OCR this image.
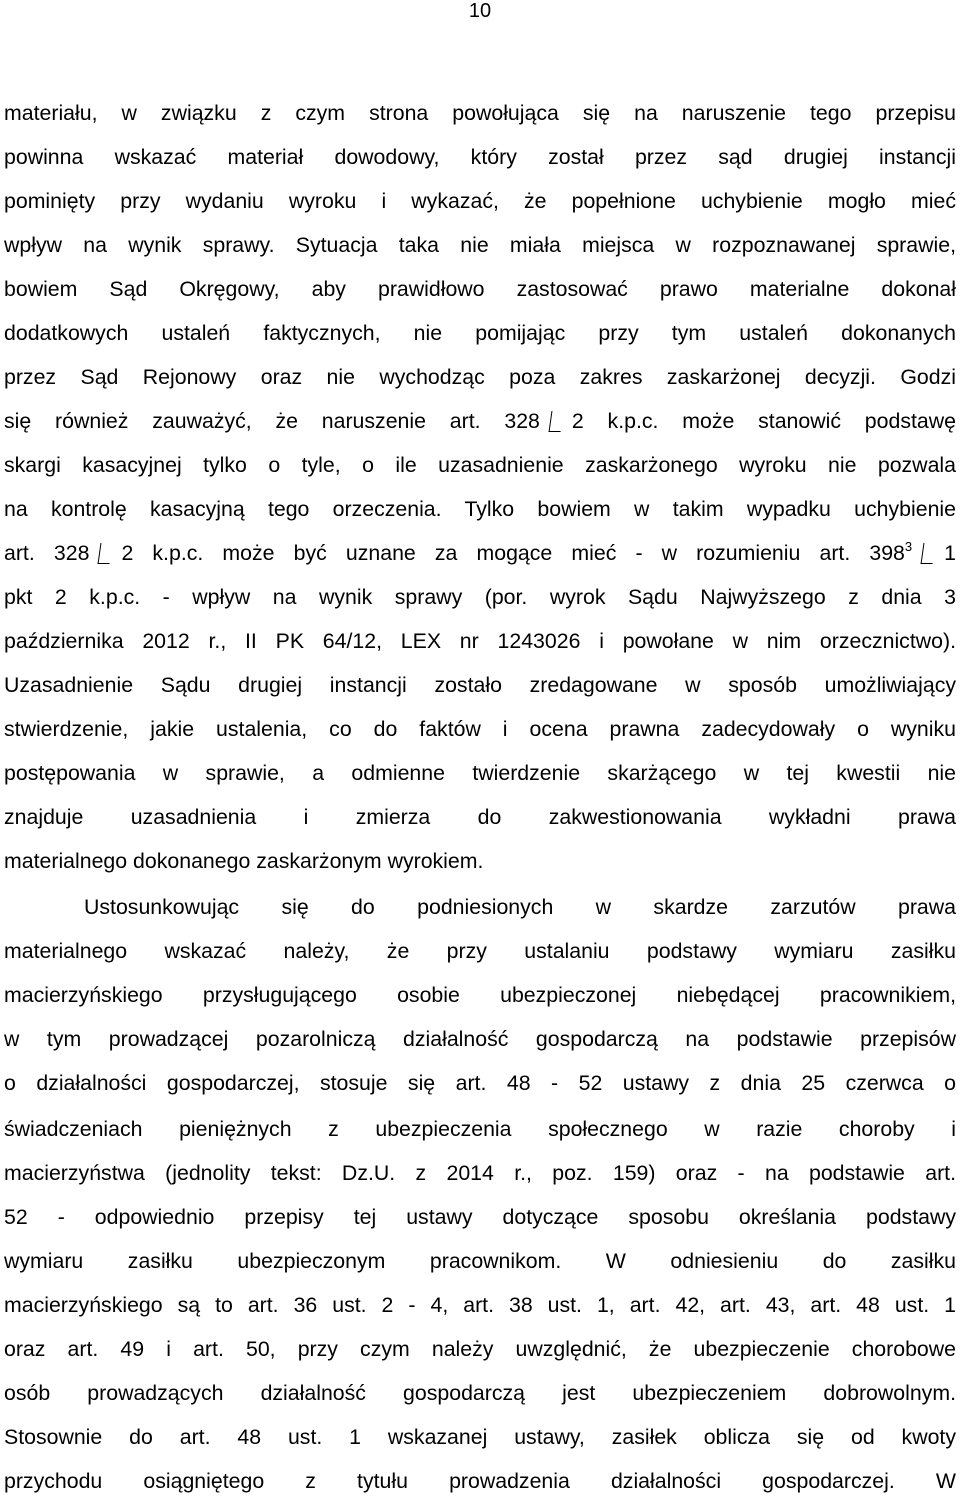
10
materiału, w związku z czym strona powołująca się na naruszenie tego przepisu
powinna wskazać materiał dowodowy, który został przez sąd drugiej instancji
pominięty przy wydaniu wyroku i wykazać, że popełnione uchybienie mogło mieć
wpływ na wynik sprawy. Sytuacja taka nie miała miejsca w rozpoznawanej sprawie,
bowiem Sąd Okręgowy, aby prawidłowo zastosować prawo materialne dokonał
dodatkowych ustaleń faktycznych, nie pomijając przy tym ustaleń dokonanych
przez Sąd Rejonowy oraz nie wychodząc poza zakres zaskarżonej decyzji. Godzi
się również zauważyć, że naruszenie art. 328 2 k.p.c. może stanowić podstawę
skargi kasacyjnej tylko o tyle, o ile uzasadnienie zaskarżonego wyroku nie pozwala
na kontrolę kasacyjną tego orzeczenia. Tylko bowiem w takim wypadku uchybienie
art. 328 2 k.p.c. może być uznane za mogące mieć - w rozumieniu art. $398^3$ 1
pkt 2 k.p.c. - wpływ na wynik sprawy (por. wyrok Sądu Najwyższego z dnia 3
października 2012 r., II PK 64/12, LEX nr 1243026 i powołane w nim orzecznictwo).
Uzasadnienie Sądu drugiej instancji zostało zredagowane w sposób umożliwiający
stwierdzenie, jakie ustalenia, co do faktów i ocena prawna zadecydowały o wyniku
postępowania w sprawie, a odmienne twierdzenie skarżącego w tej kwestii nie
znajduje uzasadnienia i zmierza do zakwestionowania wykładni prawa
materialnego dokonanego zaskarżonym wyrokiem.
Ustosunkowując się do podniesionych w skardze zarzutów prawa
materialnego wskazać należy, że przy ustalaniu podstawy wymiaru zasiłku
macierzyńskiego przysługującego osobie ubezpieczonej niebędącej pracownikiem,
w tym prowadzącej pozarolniczą działalność gospodarczą na podstawie przepisów
o działalności gospodarczej, stosuje się art. 48 - 52 ustawy z dnia 25 czerwca o
świadczeniach pieniężnych z ubezpieczenia społecznego w razie choroby i
macierzyństwa (jednolity tekst: Dz.U. z 2014 r., poz. 159) oraz - na podstawie art.
52 - odpowiednio przepisy tej ustawy dotyczące sposobu określania podstawy
wymiaru zasiłku ubezpieczonym pracownikom. W odniesieniu do zasiłku
macierzyńskiego są to art. 36 ust. 2 - 4, art. 38 ust. 1, art. 42, art. 43, art. 48 ust. 1
oraz art. 49 i art. 50, przy czym należy uwzględnić, że ubezpieczenie chorobowe
osób prowadzących działalność gospodarczą jest ubezpieczeniem dobrowolnym.
Stosownie do art. 48 ust. 1 wskazanej ustawy, zasiłek oblicza się od kwoty
przychodu osiągniętego z tytułu prowadzenia działalności gospodarczej. W
